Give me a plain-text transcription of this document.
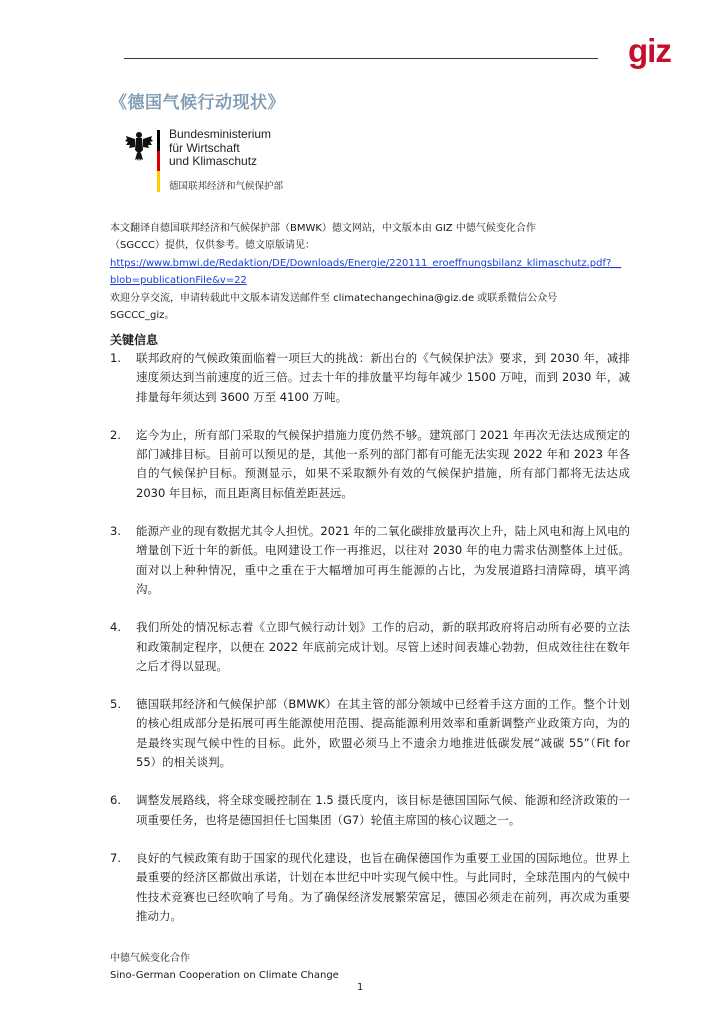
giz
《德国气候行动现状》
Bundesministerium
für Wirtschaft
und Klimaschutz
德国联邦经济和气候保护部
本文翻译自德国联邦经济和气候保护部（BMWK）德文网站，中文版本由 GIZ 中德气候变化合作
（SGCCC）提供，仅供参考。德文原版请见：
https://www.bmwi.de/Redaktion/DE/Downloads/Energie/220111_eroeffnungsbilanz_klimaschutz.pdf?__
blob=publicationFile&v=22
欢迎分享交流，申请转载此中文版本请发送邮件至 climatechangechina@giz.de 或联系微信公众号
SGCCC_giz。
关键信息
1. 联邦政府的气候政策面临着一项巨大的挑战：新出台的《气候保护法》要求，到 2030 年，减排速度须达到当前速度的近三倍。过去十年的排放量平均每年减少 1500 万吨，而到 2030 年，减排量每年须达到 3600 万至 4100 万吨。
2. 迄今为止，所有部门采取的气候保护措施力度仍然不够。建筑部门 2021 年再次无法达成预定的部门减排目标。目前可以预见的是，其他一系列的部门都有可能无法实现 2022 年和 2023 年各自的气候保护目标。预测显示，如果不采取额外有效的气候保护措施，所有部门都将无法达成 2030 年目标，而且距离目标值差距甚远。
3. 能源产业的现有数据尤其令人担忧。2021 年的二氧化碳排放量再次上升，陆上风电和海上风电的增量创下近十年的新低。电网建设工作一再推迟，以往对 2030 年的电力需求估测整体上过低。面对以上种种情况，重中之重在于大幅增加可再生能源的占比，为发展道路扫清障碍，填平鸿沟。
4. 我们所处的情况标志着《立即气候行动计划》工作的启动，新的联邦政府将启动所有必要的立法和政策制定程序，以便在 2022 年底前完成计划。尽管上述时间表雄心勃勃，但成效往往在数年之后才得以显现。
5. 德国联邦经济和气候保护部（BMWK）在其主管的部分领域中已经着手这方面的工作。整个计划的核心组成部分是拓展可再生能源使用范围、提高能源利用效率和重新调整产业政策方向，为的是最终实现气候中性的目标。此外，欧盟必须马上不遗余力地推进低碳发展“减碳 55”（Fit for 55）的相关谈判。
6. 调整发展路线，将全球变暖控制在 1.5 摄氏度内，该目标是德国国际气候、能源和经济政策的一项重要任务，也将是德国担任七国集团（G7）轮值主席国的核心议题之一。
7. 良好的气候政策有助于国家的现代化建设，也旨在确保德国作为重要工业国的国际地位。世界上最重要的经济区都做出承诺，计划在本世纪中叶实现气候中性。与此同时，全球范围内的气候中性技术竞赛也已经吹响了号角。为了确保经济发展繁荣富足，德国必须走在前列，再次成为重要推动力。
中德气候变化合作
Sino-German Cooperation on Climate Change
1
